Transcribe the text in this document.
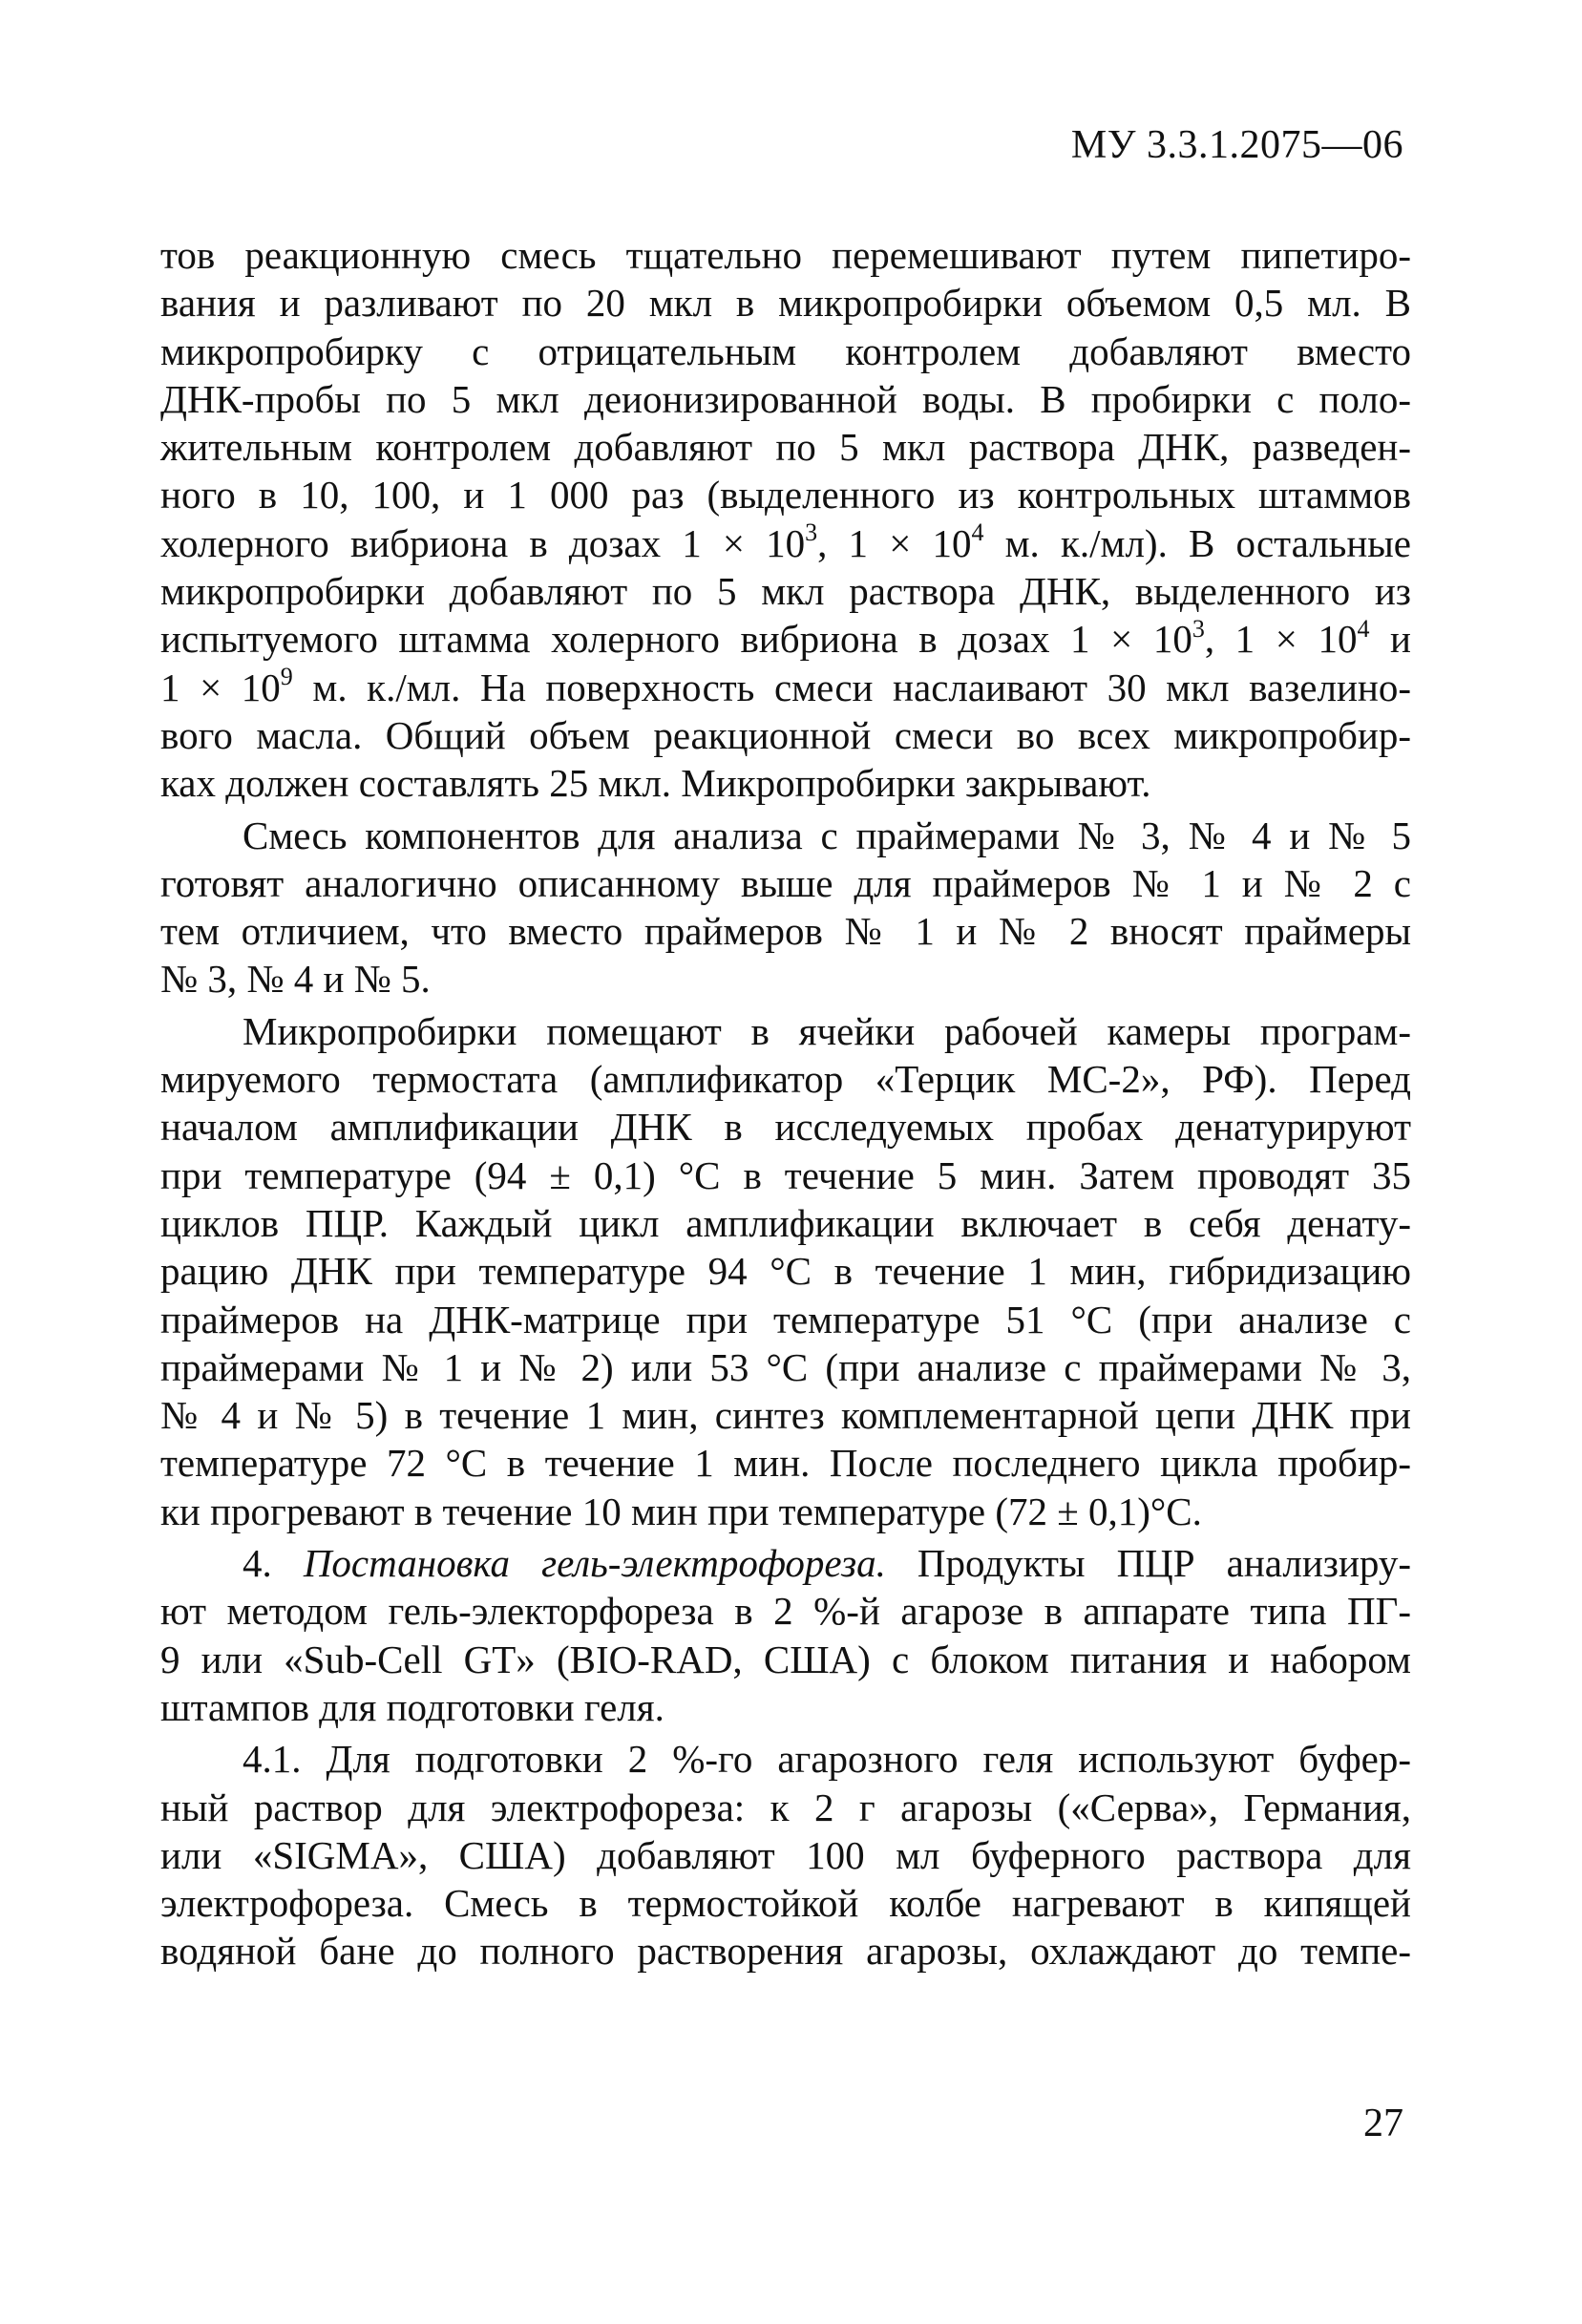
МУ 3.3.1.2075—06
тов реакционную смесь тщательно перемешивают путем пипетиро-
вания и разливают по 20 мкл в микропробирки объемом 0,5 мл. В
микропробирку с отрицательным контролем добавляют вместо
ДНК-пробы по 5 мкл деионизированной воды. В пробирки с поло-
жительным контролем добавляют по 5 мкл раствора ДНК, разведен-
ного в 10, 100, и 1 000 раз (выделенного из контрольных штаммов
холерного вибриона в дозах $1 \times 10^3$, $1 \times 10^4$ м. к./мл). В остальные
микропробирки добавляют по 5 мкл раствора ДНК, выделенного из
испытуемого штамма холерного вибриона в дозах $1 \times 10^3$, $1 \times 10^4$ и
$1 \times 10^9$ м. к./мл. На поверхность смеси наслаивают 30 мкл вазелино-
вого масла. Общий объем реакционной смеси во всех микропробир-
ках должен составлять 25 мкл. Микропробирки закрывают.
Смесь компонентов для анализа с праймерами № 3, № 4 и № 5
готовят аналогично описанному выше для праймеров № 1 и № 2 с
тем отличием, что вместо праймеров № 1 и № 2 вносят праймеры
№ 3, № 4 и № 5.
Микропробирки помещают в ячейки рабочей камеры програм-
мируемого термостата (амплификатор «Терцик МС-2», РФ). Перед
началом амплификации ДНК в исследуемых пробах денатурируют
при температуре (94 ± 0,1) °С в течение 5 мин. Затем проводят 35
циклов ПЦР. Каждый цикл амплификации включает в себя денату-
рацию ДНК при температуре 94 °С в течение 1 мин, гибридизацию
праймеров на ДНК-матрице при температуре 51 °С (при анализе с
праймерами № 1 и № 2) или 53 °С (при анализе с праймерами № 3,
№ 4 и № 5) в течение 1 мин, синтез комплементарной цепи ДНК при
температуре 72 °С в течение 1 мин. После последнего цикла пробир-
ки прогревают в течение 10 мин при температуре (72 ± 0,1)°С.
4. Постановка гель-электрофореза. Продукты ПЦР анализиру-
ют методом гель-электорфореза в 2 %-й агарозе в аппарате типа ПГ-
9 или «Sub-Cell GT» (BIO-RAD, США) с блоком питания и набором
штампов для подготовки геля.
4.1. Для подготовки 2 %-го агарозного геля используют буфер-
ный раствор для электрофореза: к 2 г агарозы («Серва», Германия,
или «SIGMA», США) добавляют 100 мл буферного раствора для
электрофореза. Смесь в термостойкой колбе нагревают в кипящей
водяной бане до полного растворения агарозы, охлаждают до темпе-
27
